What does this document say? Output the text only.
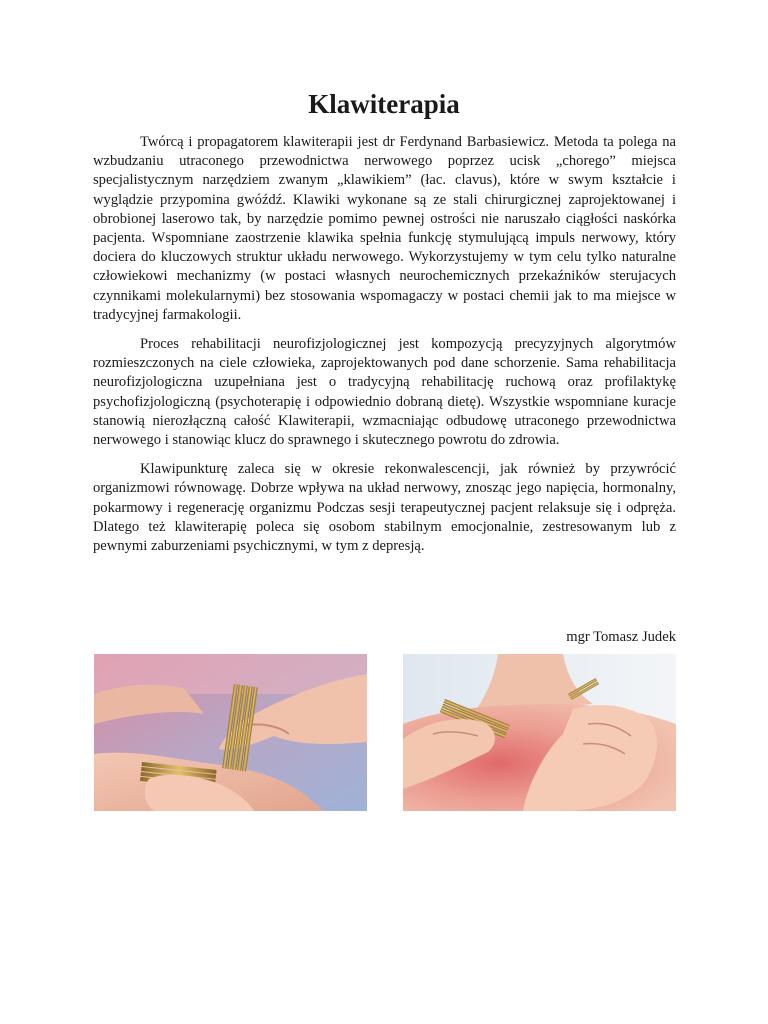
Klawiterapia

Twórcą i propagatorem klawiterapii jest dr Ferdynand Barbasiewicz. Metoda ta polega na wzbudzaniu utraconego przewodnictwa nerwowego poprzez ucisk „chorego” miejsca specjalistycznym narzędziem zwanym „klawikiem” (łac. clavus), które w swym kształcie i wyglądzie przypomina gwóźdź. Klawiki wykonane są ze stali chirurgicznej zaprojektowanej i obrobionej laserowo tak, by narzędzie pomimo pewnej ostrości nie naruszało ciągłości naskórka pacjenta. Wspomniane zaostrzenie klawika spełnia funkcję stymulującą impuls nerwowy, który dociera do kluczowych struktur układu nerwowego. Wykorzystujemy w tym celu tylko naturalne człowiekowi mechanizmy (w postaci własnych neurochemicznych przekaźników sterujacych czynnikami molekularnymi) bez stosowania wspomagaczy w postaci chemii jak to ma miejsce w tradycyjnej farmakologii.

Proces rehabilitacji neurofizjologicznej jest kompozycją precyzyjnych algorytmów rozmieszczonych na ciele człowieka, zaprojektowanych pod dane schorzenie. Sama rehabilitacja neurofizjologiczna uzupełniana jest o tradycyjną rehabilitację ruchową oraz profilaktykę psychofizjologiczną (psychoterapię i odpowiednio dobraną dietę). Wszystkie wspomniane kuracje stanowią nierozłączną całość Klawiterapii, wzmacniając odbudowę utraconego przewodnictwa nerwowego i stanowiąc klucz do sprawnego i skutecznego powrotu do zdrowia.

Klawipunkturę zaleca się w okresie rekonwalescencji, jak również by przywrócić organizmowi równowagę. Dobrze wpływa na układ nerwowy, znosząc jego napięcia, hormonalny, pokarmowy i regenerację organizmu Podczas sesji terapeutycznej pacjent relaksuje się i odpręża. Dlatego też klawiterapię poleca się osobom stabilnym emocjonalnie, zestresowanym lub z pewnymi zaburzeniami psychicznymi, w tym z depresją.

mgr Tomasz Judek
